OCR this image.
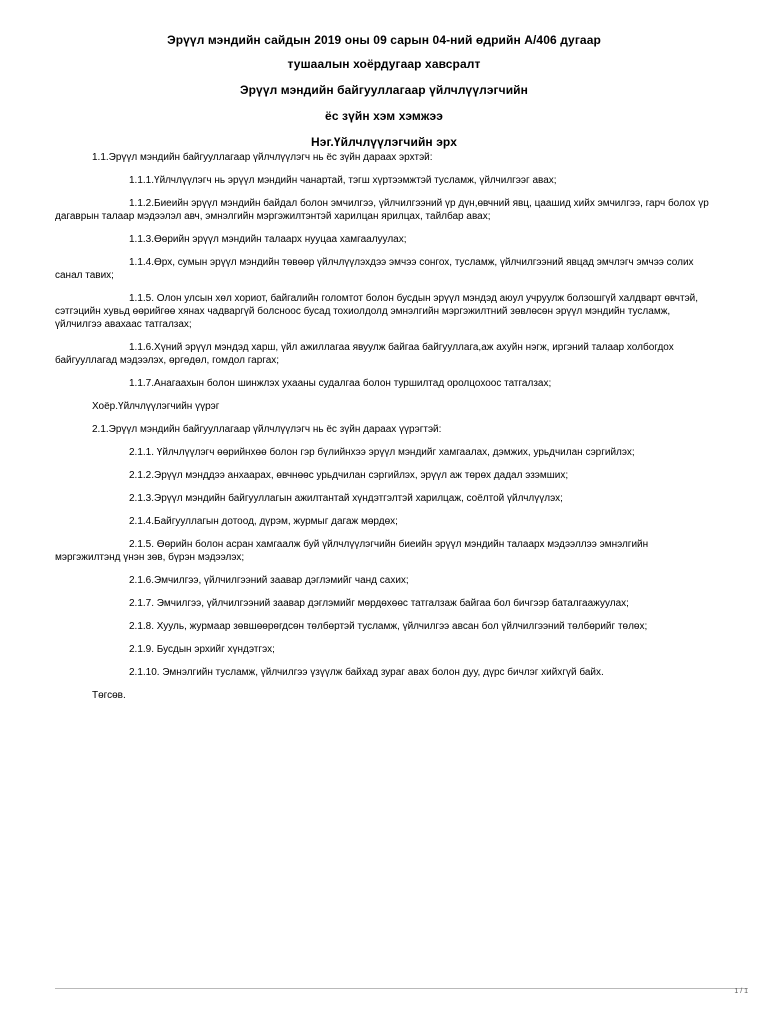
Эрүүл мэндийн сайдын 2019 оны 09 сарын 04-ний өдрийн А/406 дугаар
тушаалын хоёрдугаар хавсралт
Эрүүл мэндийн байгууллагаар үйлчлүүлэгчийн
ёс зүйн хэм хэмжээ
Нэг.Үйлчлүүлэгчийн эрх

1.1.Эрүүл мэндийн байгууллагаар үйлчлүүлэгч нь ёс зүйн дараах эрхтэй:

1.1.1.Үйлчлүүлэгч нь эрүүл мэндийн чанартай, тэгш хүртээмжтэй тусламж, үйлчилгээг авах;

1.1.2.Биеийн эрүүл мэндийн байдал болон эмчилгээ, үйлчилгээний үр дүн,өвчний явц, цаашид хийх эмчилгээ, гарч болох үр дагаврын талаар мэдээлэл авч, эмнэлгийн мэргэжилтэнтэй харилцан ярилцах, тайлбар авах;

1.1.3.Өөрийн эрүүл мэндийн талаарх нууцаа хамгаалуулах;

1.1.4.Өрх, сумын эрүүл мэндийн төвөөр үйлчлүүлэхдээ эмчээ сонгох, тусламж, үйлчилгээний явцад эмчлэгч эмчээ солих санал тавих;

1.1.5. Олон улсын хөл хориот, байгалийн голомтот болон бусдын эрүүл мэндэд аюул учруулж болзошгүй халдварт өвчтэй, сэтгэцийн хувьд өөрийгөө хянах чадваргүй болсноос бусад тохиолдолд эмнэлгийн мэргэжилтний зөвлөсөн эрүүл мэндийн тусламж, үйлчилгээ авахаас татгалзах;

1.1.6.Хүний эрүүл мэндэд харш, үйл ажиллагаа явуулж байгаа байгууллага,аж ахуйн нэгж, иргэний талаар холбогдох байгууллагад мэдээлэх, өргөдөл, гомдол гаргах;

1.1.7.Анагаахын болон шинжлэх ухааны судалгаа болон туршилтад оролцохоос татгалзах;

Хоёр.Үйлчлүүлэгчийн үүрэг

2.1.Эрүүл мэндийн байгууллагаар үйлчлүүлэгч нь ёс зүйн дараах үүрэгтэй:

2.1.1. Үйлчлүүлэгч өөрийнхөө болон гэр бүлийнхээ эрүүл мэндийг хамгаалах, дэмжих, урьдчилан сэргийлэх;

2.1.2.Эрүүл мэнддээ анхаарах, өвчнөөс урьдчилан сэргийлэх, эрүүл аж төрөх дадал эзэмших;

2.1.3.Эрүүл мэндийн байгууллагын ажилтантай хүндэтгэлтэй харилцаж, соёлтой үйлчлүүлэх;

2.1.4.Байгууллагын дотоод, дүрэм, журмыг дагаж мөрдөх;

2.1.5. Өөрийн болон асран хамгаалж буй үйлчлүүлэгчийн биеийн эрүүл мэндийн талаарх мэдээллээ эмнэлгийн мэргэжилтэнд үнэн зөв, бүрэн мэдээлэх;

2.1.6.Эмчилгээ, үйлчилгээний заавар дэглэмийг чанд сахих;

2.1.7. Эмчилгээ, үйлчилгээний заавар дэглэмийг мөрдөхөөс татгалзаж байгаа бол бичгээр баталгаажуулах;

2.1.8. Хууль, журмаар зөвшөөрөгдсөн төлбөртэй тусламж, үйлчилгээ авсан бол үйлчилгээний төлбөрийг төлөх;

2.1.9. Бусдын эрхийг хүндэтгэх;

2.1.10. Эмнэлгийн тусламж, үйлчилгээ үзүүлж байхад зураг авах болон дуу, дүрс бичлэг хийхгүй байх.

Төгсөв.

1 / 1
